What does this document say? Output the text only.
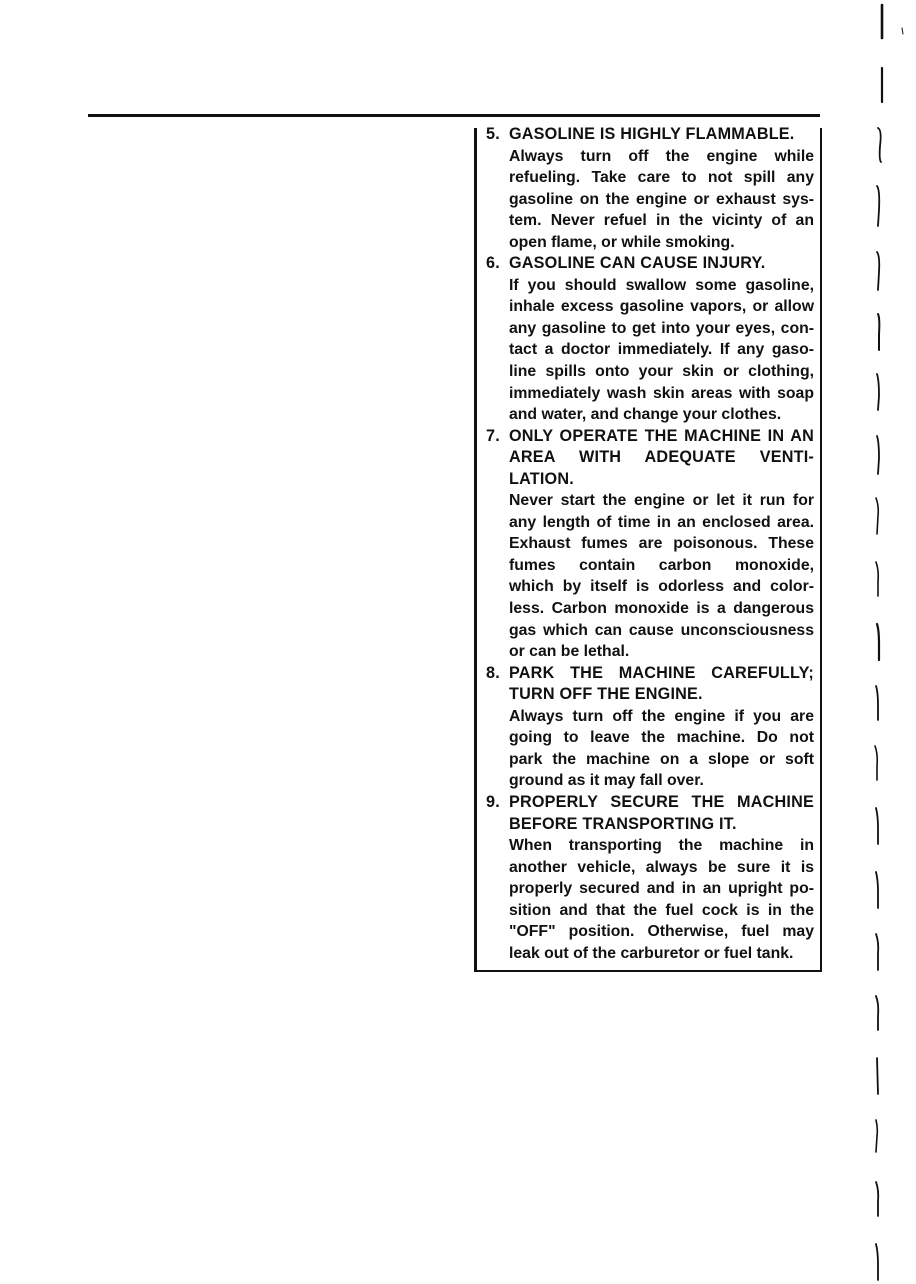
5. GASOLINE IS HIGHLY FLAMMABLE.
Always turn off the engine while
refueling. Take care to not spill any
gasoline on the engine or exhaust sys-
tem. Never refuel in the vicinty of an
open flame, or while smoking.
6. GASOLINE CAN CAUSE INJURY.
If you should swallow some gasoline,
inhale excess gasoline vapors, or allow
any gasoline to get into your eyes, con-
tact a doctor immediately. If any gaso-
line spills onto your skin or clothing,
immediately wash skin areas with soap
and water, and change your clothes.
7. ONLY OPERATE THE MACHINE IN AN
AREA WITH ADEQUATE VENTI-
LATION.
Never start the engine or let it run for
any length of time in an enclosed area.
Exhaust fumes are poisonous. These
fumes contain carbon monoxide,
which by itself is odorless and color-
less. Carbon monoxide is a dangerous
gas which can cause unconsciousness
or can be lethal.
8. PARK THE MACHINE CAREFULLY;
TURN OFF THE ENGINE.
Always turn off the engine if you are
going to leave the machine. Do not
park the machine on a slope or soft
ground as it may fall over.
9. PROPERLY SECURE THE MACHINE
BEFORE TRANSPORTING IT.
When transporting the machine in
another vehicle, always be sure it is
properly secured and in an upright po-
sition and that the fuel cock is in the
"OFF" position. Otherwise, fuel may
leak out of the carburetor or fuel tank.
